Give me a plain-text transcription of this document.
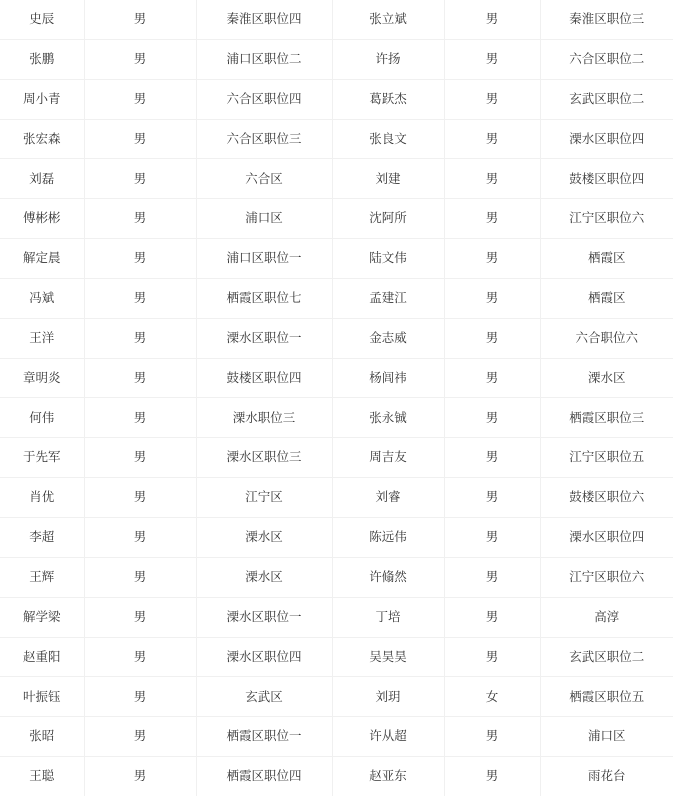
史辰	男	秦淮区职位四	张立斌	男	秦淮区职位三
张鹏	男	浦口区职位二	许扬	男	六合区职位二
周小青	男	六合区职位四	葛跃杰	男	玄武区职位二
张宏森	男	六合区职位三	张良文	男	溧水区职位四
刘磊	男	六合区	刘建	男	鼓楼区职位四
傅彬彬	男	浦口区	沈阿所	男	江宁区职位六
解定晨	男	浦口区职位一	陆文伟	男	栖霞区
冯斌	男	栖霞区职位七	孟建江	男	栖霞区
王洋	男	溧水区职位一	金志威	男	六合职位六
章明炎	男	鼓楼区职位四	杨闾祎	男	溧水区
何伟	男	溧水职位三	张永铖	男	栖霞区职位三
于先军	男	溧水区职位三	周吉友	男	江宁区职位五
肖优	男	江宁区	刘睿	男	鼓楼区职位六
李超	男	溧水区	陈远伟	男	溧水区职位四
王辉	男	溧水区	许翛然	男	江宁区职位六
解学梁	男	溧水区职位一	丁培	男	高淳
赵重阳	男	溧水区职位四	吴昊昊	男	玄武区职位二
叶振钰	男	玄武区	刘玥	女	栖霞区职位五
张昭	男	栖霞区职位一	许从超	男	浦口区
王聪	男	栖霞区职位四	赵亚东	男	雨花台
